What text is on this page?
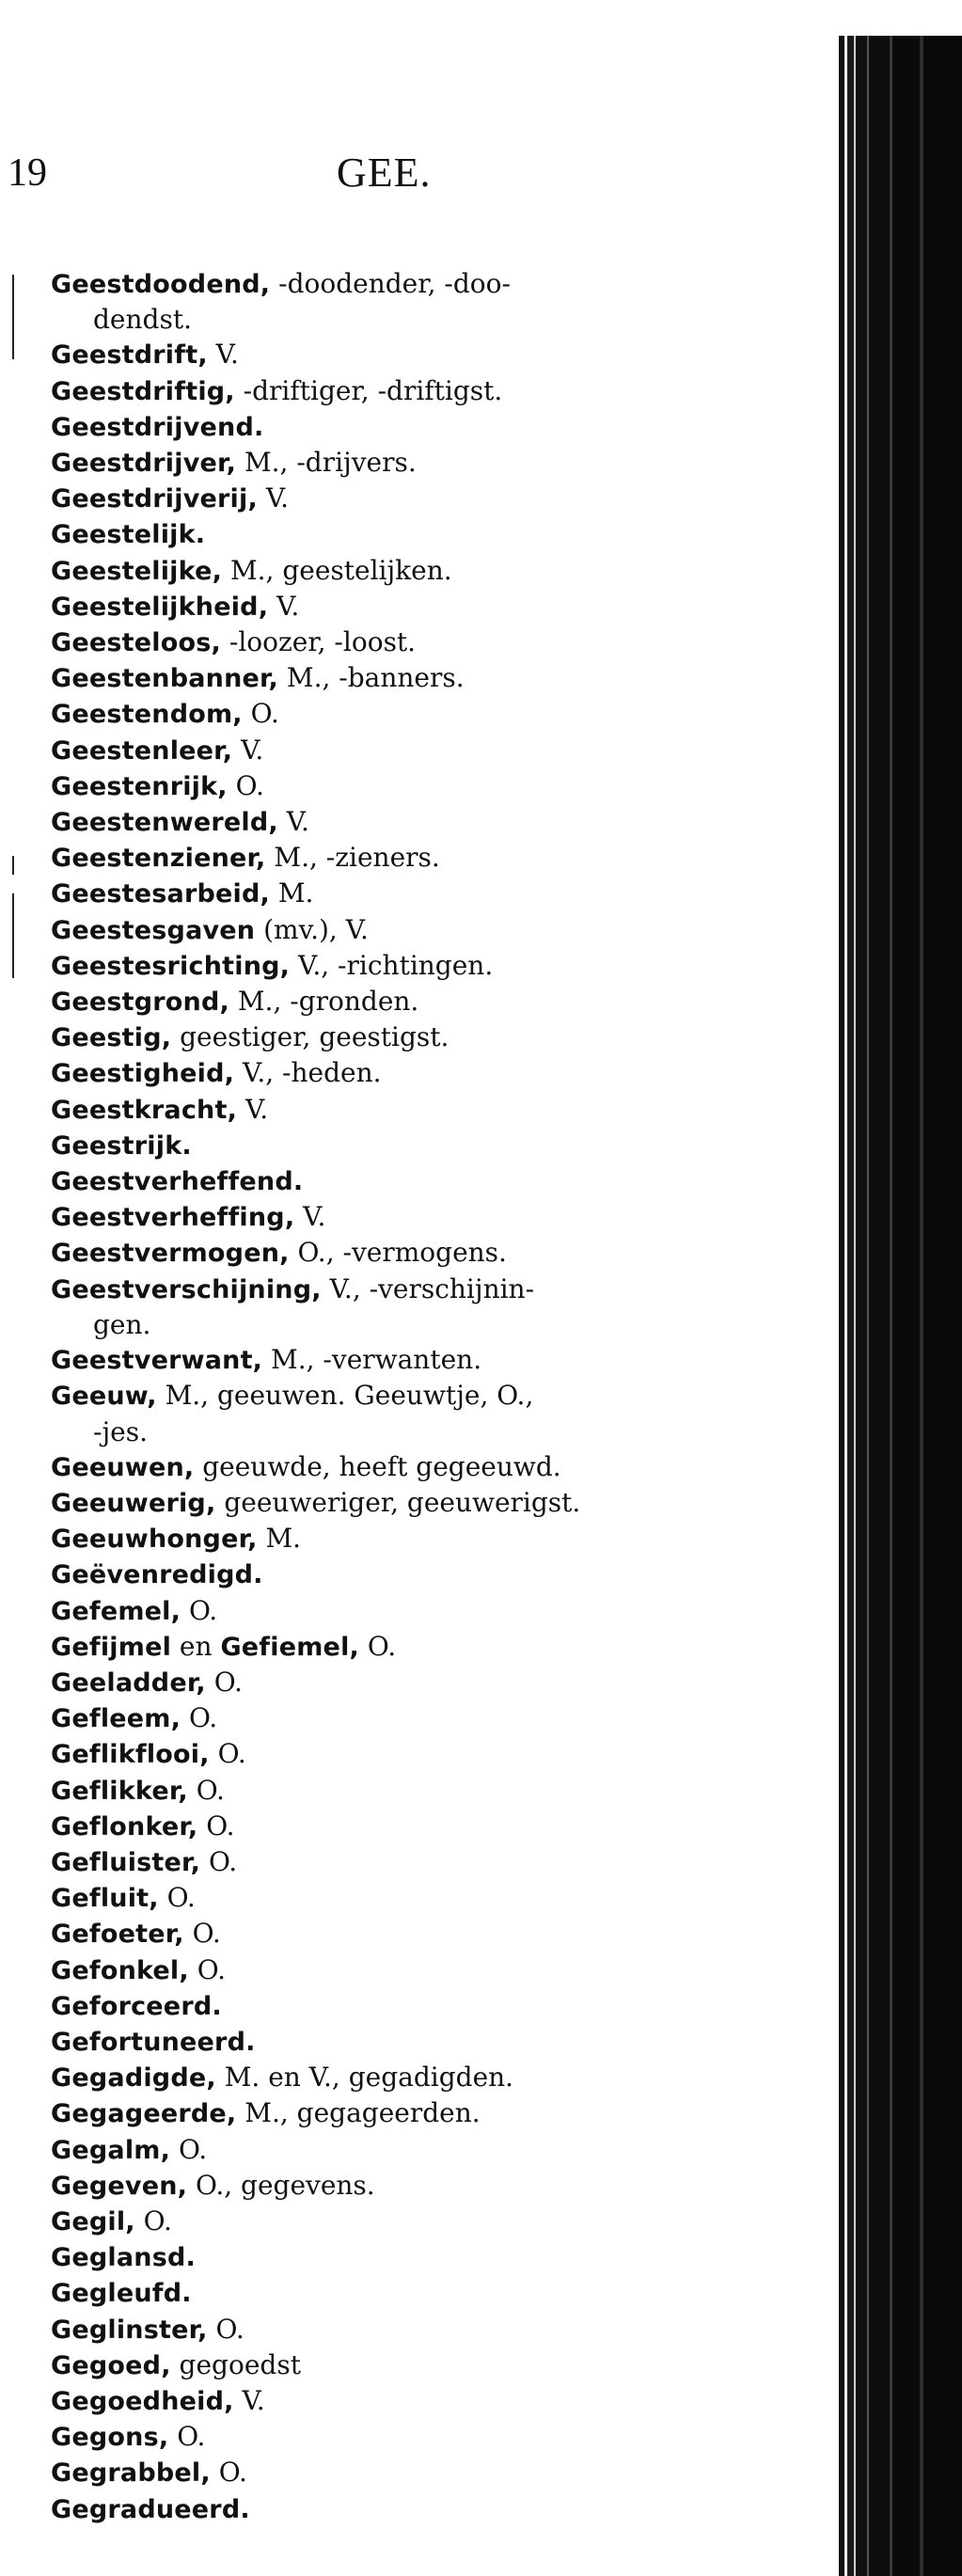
19	GEE.
Geestdoodend, -doodender, -doo-
dendst.
Geestdrift, V.
Geestdriftig, -driftiger, -driftigst.
Geestdrijvend.
Geestdrijver, M., -drijvers.
Geestdrijverij, V.
Geestelijk.
Geestelijke, M., geestelijken.
Geestelijkheid, V.
Geesteloos, -loozer, -loost.
Geestenbanner, M., -banners.
Geestendom, O.
Geestenleer, V.
Geestenrijk, O.
Geestenwereld, V.
Geestenziener, M., -zieners.
Geestesarbeid, M.
Geestesgaven (mv.), V.
Geestesrichting, V., -richtingen.
Geestgrond, M., -gronden.
Geestig, geestiger, geestigst.
Geestigheid, V., -heden.
Geestkracht, V.
Geestrijk.
Geestverheffend.
Geestverheffing, V.
Geestvermogen, O., -vermogens.
Geestverschijning, V., -verschijnin-
gen.
Geestverwant, M., -verwanten.
Geeuw, M., geeuwen. Geeuwtje, O.,
-jes.
Geeuwen, geeuwde, heeft gegeeuwd.
Geeuwerig, geeuweriger, geeuwerigst.
Geeuwhonger, M.
Geëvenredigd.
Gefemel, O.
Gefijmel en Gefiemel, O.
Geeladder, O.
Gefleem, O.
Geflikflooi, O.
Geflikker, O.
Geflonker, O.
Gefluister, O.
Gefluit, O.
Gefoeter, O.
Gefonkel, O.
Geforceerd.
Gefortuneerd.
Gegadigde, M. en V., gegadigden.
Gegageerde, M., gegageerden.
Gegalm, O.
Gegeven, O., gegevens.
Gegil, O.
Geglansd.
Gegleufd.
Geglinster, O.
Gegoed, gegoedst
Gegoedheid, V.
Gegons, O.
Gegrabbel, O.
Gegradueerd.
